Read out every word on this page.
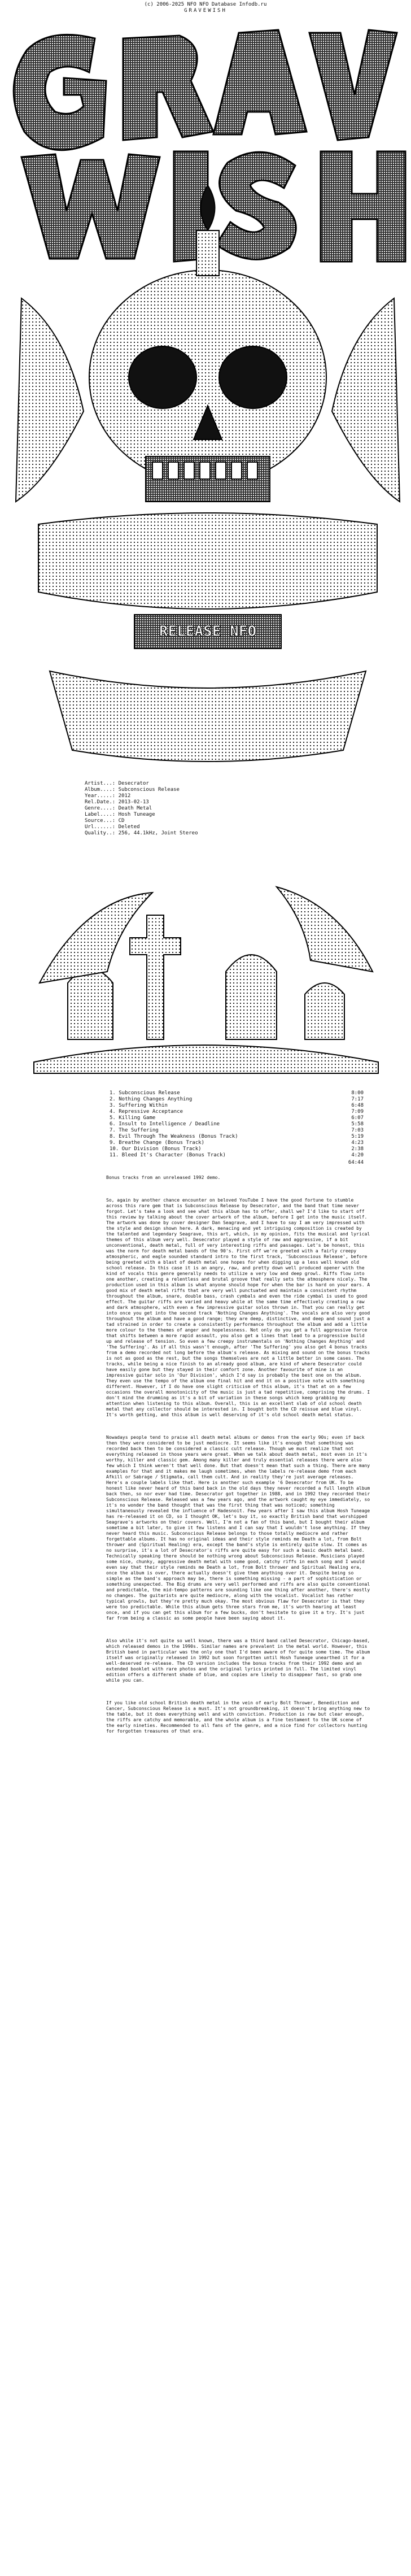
(c) 2006-2025 NFO NFO Database Infodb.ru
GRAVEWISH
RELEASE NFO
Artist...: Desecrator
Album....: Subconscious Release
Year.....: 2012
Rel.Date.: 2013-02-13
Genre....: Death Metal
Label....: Hosh Tuneage
Source...: CD
Url......: Deleted
Quality..: 256, 44.1kHz, Joint Stereo
1. Subconscious Release	8:00
2. Nothing Changes Anything	7:17
3. Suffering Within	6:48
4. Repressive Acceptance	7:09
5. Killing Game	6:07
6. Insult to Intelligence / Deadline	5:58
7. The Suffering	7:03
8. Evil Through The Weakness (Bonus Track)	5:19
9. Breathe Change (Bonus Track)	4:23
10. Our Division (Bonus Track)	2:38
11. Bleed It's Character (Bonus Track)	4:20
64:44

Bonus tracks from an unreleased 1992 demo.

So, again by another chance encounter on beloved YouTube I have the good fortune to stumble across this rare gem that is Subconscious Release by Desecrator, and the band that time never forgot. Let's take a look and see what this album has to offer, shall we? I'd like to start off this review by talking about the cover artwork of the album, before I get into the music itself. The artwork was done by cover designer Dan Seagrave, and I have to say I am very impressed with the style and design shown here. A dark, menacing and yet intriguing composition is created by the talented and legendary Seagrave, this art, which, in my opinion, fits the musical and lyrical themes of this album very well. Desecrator played a style of raw and aggressive, if a bit unconventional, death metal, full of very interesting riffs and passages. Let's be honest, this was the norm for death metal bands of the 90's. First off we're greeted with a fairly creepy atmospheric, and eagle sounded standard intro to the first track, 'Subconscious Release', before being greeted with a blast of death metal one hopes for when digging up a less well known old school release. In this case it is an angry, raw, and pretty down well produced opener with the kind of vocals this genre generally needs to utilize a very low and deep growl. Riffs flow into one another, creating a relentless and brutal groove that really sets the atmosphere nicely. The production used in this album is what anyone should hope for when the bar is hard on your ears. A good mix of death metal riffs that are very well punctuated and maintain a consistent rhythm throughout the album, snare, double bass, crash cymbals and even the ride cymbal is used to good effect. The guitar riffs are varied and heavy while at the same time effectively creating a raw and dark atmosphere, with even a few impressive guitar solos thrown in. That you can really get into once you get into the second track 'Nothing Changes Anything'. The vocals are also very good throughout the album and have a good range; they are deep, distinctive, and deep and sound just a tad strained in order to create a consistently performance throughout the album and add a little more colour to the themes of anger and hopelessness. Not only do you get a full aggressive force that shifts between a more rapid assault, you also get a lines that lead to a progressive build up and release of tension. So even a few creepy instrumentals on 'Nothing Changes Anything' and 'The Suffering'. As if all this wasn't enough, after 'The Suffering' you also get 4 bonus tracks from a demo recorded not long before the album's release. As mixing and sound on the bonus tracks is not as good as the rest, but the songs themselves are not a little better in some cases. The tracks, while being a nice finish to an already good album, are kind of where Desecrator could have easily gone but they stayed in their comfort zone. Another favourite of mine is an impressive guitar solo in 'Our Division', which I'd say is probably the best one on the album. They even use the tempo of the album one final hit and end it on a positive note with something different. However, if I do have one slight criticism of this album, it's that at on a few occasions the overall monotonicity of the music is just a tad repetitive, comprising the drums. I don't mind the drumming as it's a bit of variation in these songs which keep grabbing my attention when listening to this album. Overall, this is an excellent slab of old school death metal that any collector should be interested in. I bought both the CD reissue and blue vinyl. It's worth getting, and this album is well deserving of it's old school death metal status.

Nowadays people tend to praise all death metal albums or demos from the early 90s; even if back then they were considered to be just mediocre. It seems like it's enough that something was recorded back then to be considered a classic cult release. Though we must realize that not everything released in those years were great. When we talk about death metal, most even in it's worthy, killer and classic gem. Among many killer and truly essential releases there were also few which I think weren't that well done. But that doesn't mean that such a thing. There are many examples for that and it makes me laugh sometimes, when the labels re-release demo from each Afkill or Sabrage / Stigmata, call them cult. And in reality they're just average releases. Here's a couple labels like that. Here is another such example '6 Desecrator from UK. To be honest like never heard of this band back in the old days they never recorded a full length album back then, so nor ever had time. Desecrator got together in 1988, and in 1992 they recorded their Subconscious Release. Released was a few years ago, and the artwork caught my eye immediately, so it's no wonder the band thought that was the first thing that was noticed; something simultaneously revealed the influence of Hadesnoit. Few years after I saw this album Hosh Tuneage has re-released it on CD, so I thought OK, let's buy it, so exactly British band that worshipped Seagrave's artworks on their covers. Well, I'm not a fan of this band, but I bought their album sometime a bit later, to give it few listens and I can say that I wouldn't lose anything. If they never heard this music. Subconscious Release belongs to those totally mediocre and rather forgettable albums. It has no original ideas and their style reminds me Death a lot, from Bolt thrower and (Spiritual Healing) era, except the band's style is entirely quite slow. It comes as no surprise, it's a lot of Desecrator's riffs are quite easy for such a basic death metal band. Technically speaking there should be nothing wrong about Subconscious Release. Musicians played some nice, chunky, aggressive death metal with some good, catchy riffs in each song and I would even say that their style reminds me Death a lot, from Bolt thrower and Spiritual Healing era, once the album is over, there actually doesn't give them anything over it. Despite being so simple as the band's approach may be, there is something missing - a part of sophistication or something unexpected. The Big drums are very well performed and riffs are also quite conventional and predictable, the mid-tempo patterns are sounding like one thing after another, there's mostly no changes. The guitarists are quite mediocre, along with the vocalist. Vocalist has rather typical growls, but they're pretty much okay. The most obvious flaw for Desecrator is that they were too predictable. While this album gets three stars from me, it's worth hearing at least once, and if you can get this album for a few bucks, don't hesitate to give it a try. It's just far from being a classic as some people have been saying about it.

Also while it's not quite so well known, there was a third band called Desecrator, Chicago-based, which released demos in the 1990s. Similar names are prevalent in the metal world. However, this British band in particular was the only one that I'd been aware of for quite some time. The album itself was originally released in 1992 but soon forgotten until Hosh Tuneage unearthed it for a well-deserved re-release. The CD version includes the bonus tracks from their 1992 demo and an extended booklet with rare photos and the original lyrics printed in full. The limited vinyl edition offers a different shade of blue, and copies are likely to disappear fast, so grab one while you can.

If you like old school British death metal in the vein of early Bolt Thrower, Benediction and Cancer, Subconscious Release is a must. It's not groundbreaking, it doesn't bring anything new to the table, but it does everything well and with conviction. Production is raw but clear enough, the riffs are catchy and memorable, and the whole album is a fine testament to the UK scene of the early nineties. Recommended to all fans of the genre, and a nice find for collectors hunting for forgotten treasures of that era.
